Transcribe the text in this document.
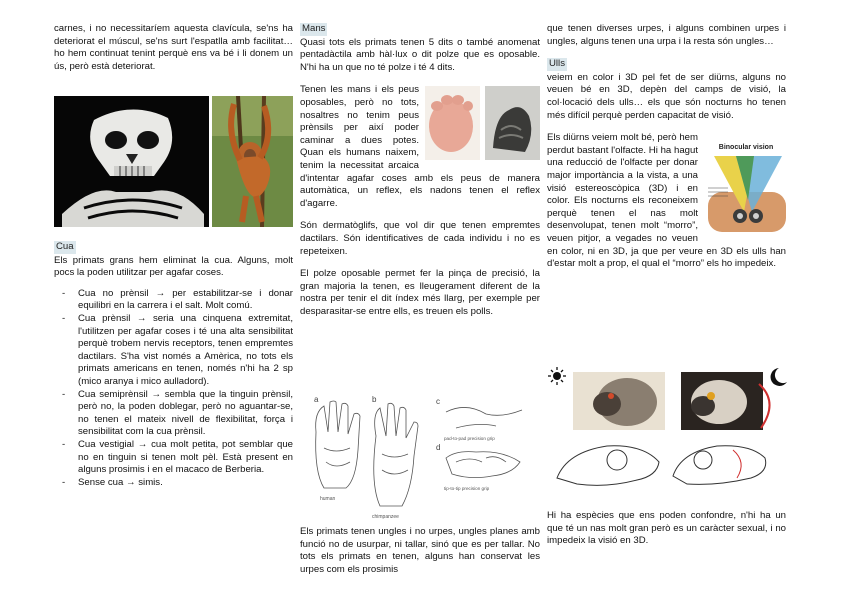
carnes, i no necessitaríem aquesta clavícula, se'ns ha deteriorat el múscul, se'ns surt l'espatlla amb facilitat… ho hem continuat tenint perquè ens va bé i li donem un ús, però està deteriorat.

Cua

Els primats grans hem eliminat la cua. Alguns, molt pocs la poden utilitzar per agafar coses.

- Cua no prènsil → per estabilitzar-se i donar equilibri en la carrera i el salt. Molt comú.
- Cua prènsil → seria una cinquena extremitat, l'utilitzen per agafar coses i té una alta sensibilitat perquè trobem nervis receptors, tenen empremtes dactilars. S'ha vist només a Amèrica, no tots els primats americans en tenen, només n'hi ha 2 sp (mico aranya i mico aulladord).
- Cua semiprènsil → sembla que la tinguin prènsil, però no, la poden doblegar, però no aguantar-se, no tenen el mateix nivell de flexibilitat, força i sensibilitat com la cua prènsil.
- Cua vestigial → cua molt petita, pot semblar que no en tinguin si tenen molt pèl. Està present en alguns prosimis i en el macaco de Berberia.
- Sense cua → simis.
Mans

Quasi tots els primats tenen 5 dits o també anomenat pentadàctila amb hàl·lux o dit polze que es oposable. N'hi ha un que no té polze i té 4 dits.

Tenen les mans i els peus oposables, però no tots, nosaltres no tenim peus prènsils per així poder caminar a dues potes. Quan els humans naixem, tenim la necessitat arcaica d'intentar agafar coses amb els peus de manera automàtica, un reflex, els nadons tenen el reflex d'agarre.

Són dermatòglifs, que vol dir que tenen empremtes dactilars. Són identificatives de cada individu i no es repeteixen.

El polze oposable permet fer la pinça de precisió, la gran majoria la tenen, es lleugerament diferent de la nostra per tenir el dit índex més llarg, per exemple per desparasitar-se entre ells, es treuen els polls.

a	b	c
d
human
chimpanzee
pad-to-pad precision grip
tip-to-tip precision grip

Els primats tenen ungles i no urpes, ungles planes amb funció no de usurpar, ni tallar, sinó que es per tallar. No tots els primats en tenen, alguns han conservat les urpes com els prosimis

que tenen diverses urpes, i alguns combinen urpes i ungles, alguns tenen una urpa i la resta són ungles…

Ulls

veiem en color i 3D pel fet de ser diürns, alguns no veuen bé en 3D, depèn del camps de visió, la col·locació dels ulls… els que són nocturns ho tenen més difícil perquè perden capacitat de visió.

Binocular vision

Els diürns veiem molt bé, però hem perdut bastant l'olfacte. Hi ha hagut una reducció de l'olfacte per donar major importància a la vista, a una visió estereoscòpica (3D) i en color. Els nocturns els reconeixem perquè tenen el nas molt desenvolupat, tenen molt “morro”, veuen pitjor, a vegades no veuen en color, ni en 3D, ja que per veure en 3D els ulls han d'estar molt a prop, el qual el “morro” els ho impedeix.

Hi ha espècies que ens poden confondre, n'hi ha un que té un nas molt gran però es un caràcter sexual, i no impedeix la visió en 3D.
